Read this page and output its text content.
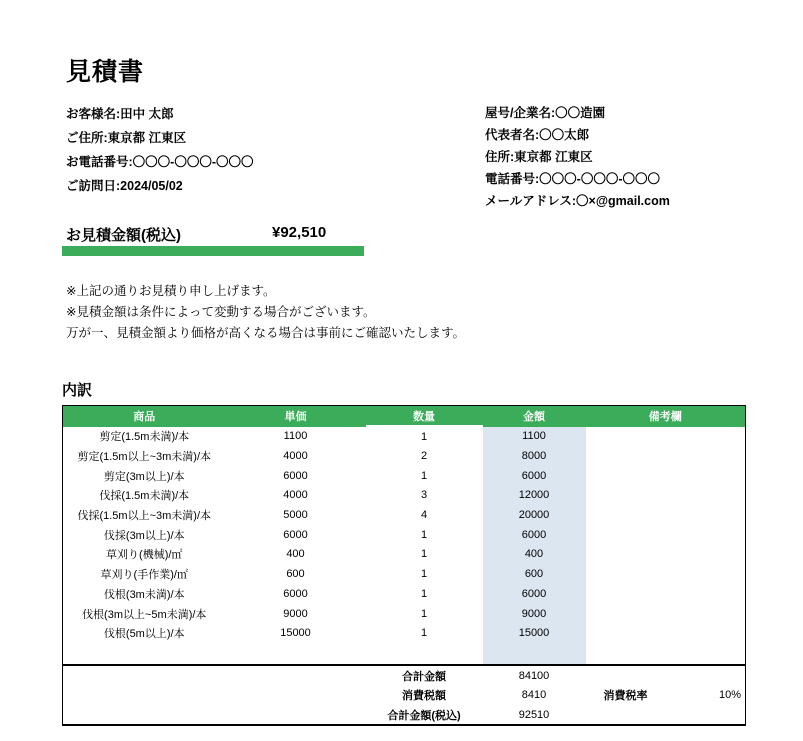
見積書
お客様名:田中 太郎
ご住所:東京都 江東区
お電話番号:〇〇〇-〇〇〇-〇〇〇
ご訪問日:2024/05/02
屋号/企業名:〇〇造園
代表者名:〇〇太郎
住所:東京都 江東区
電話番号:〇〇〇-〇〇〇-〇〇〇
メールアドレス:〇×@gmail.com
お見積金額(税込)	¥92,510
※上記の通りお見積り申し上げます。
※見積金額は条件によって変動する場合がございます。
万が一、見積金額より価格が高くなる場合は事前にご確認いたします。
内訳
商品	単価	数量	金額	備考欄
剪定(1.5m未満)/本	1100	1	1100	
剪定(1.5m以上~3m未満)/本	4000	2	8000	
剪定(3m以上)/本	6000	1	6000	
伐採(1.5m未満)/本	4000	3	12000	
伐採(1.5m以上~3m未満)/本	5000	4	20000	
伐採(3m以上)/本	6000	1	6000	
草刈り(機械)/㎡	400	1	400	
草刈り(手作業)/㎡	600	1	600	
伐根(3m未満)/本	6000	1	6000	
伐根(3m以上~5m未満)/本	9000	1	9000	
伐根(5m以上)/本	15000	1	15000	

		合計金額	84100	

		消費税額	8410	消費税率 10%

		合計金額(税込)	92510	
